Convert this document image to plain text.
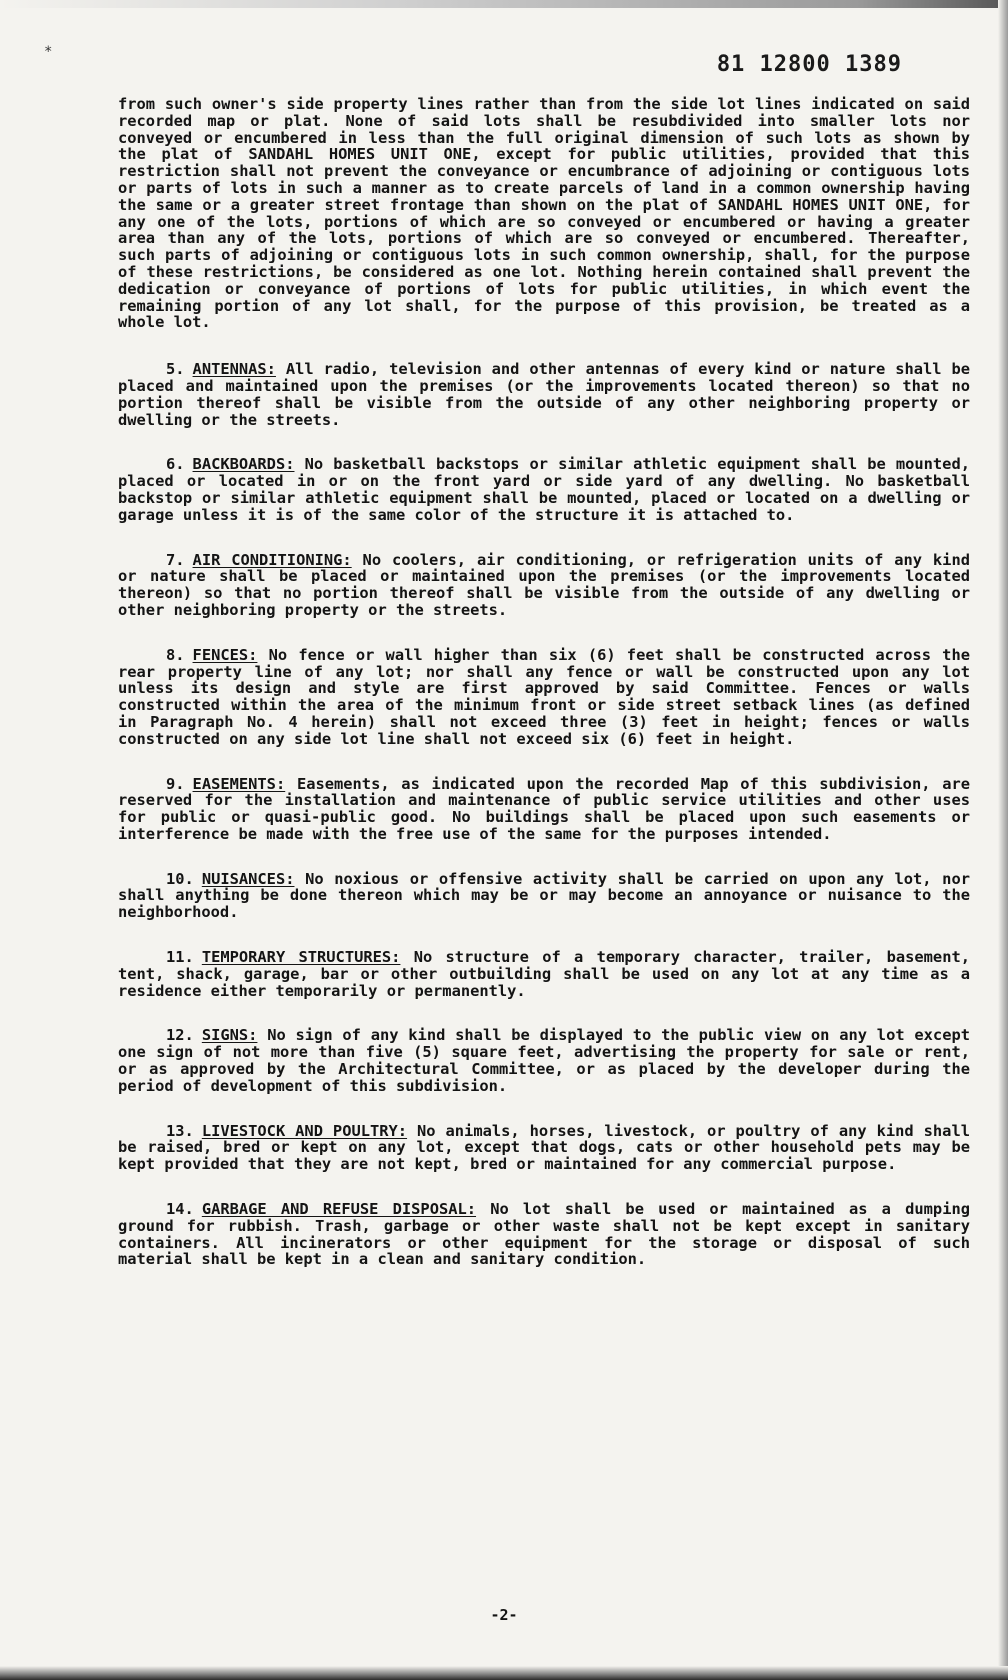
*	81 12800 1389

from such owner's side property lines rather than from the side lot lines indicated on said recorded map or plat. None of said lots shall be resubdivided into smaller lots nor conveyed or encumbered in less than the full original dimension of such lots as shown by the plat of SANDAHL HOMES UNIT ONE, except for public utilities, provided that this restriction shall not prevent the conveyance or encumbrance of adjoining or contiguous lots or parts of lots in such a manner as to create parcels of land in a common ownership having the same or a greater street frontage than shown on the plat of SANDAHL HOMES UNIT ONE, for any one of the lots, portions of which are so conveyed or encumbered or having a greater area than any of the lots, portions of which are so conveyed or encumbered. Thereafter, such parts of adjoining or contiguous lots in such common ownership, shall, for the purpose of these restrictions, be considered as one lot. Nothing herein contained shall prevent the dedication or conveyance of portions of lots for public utilities, in which event the remaining portion of any lot shall, for the purpose of this provision, be treated as a whole lot.

5. ANTENNAS: All radio, television and other antennas of every kind or nature shall be placed and maintained upon the premises (or the improvements located thereon) so that no portion thereof shall be visible from the outside of any other neighboring property or dwelling or the streets.

6. BACKBOARDS: No basketball backstops or similar athletic equipment shall be mounted, placed or located in or on the front yard or side yard of any dwelling. No basketball backstop or similar athletic equipment shall be mounted, placed or located on a dwelling or garage unless it is of the same color of the structure it is attached to.

7. AIR CONDITIONING: No coolers, air conditioning, or refrigeration units of any kind or nature shall be placed or maintained upon the premises (or the improvements located thereon) so that no portion thereof shall be visible from the outside of any dwelling or other neighboring property or the streets.

8. FENCES: No fence or wall higher than six (6) feet shall be constructed across the rear property line of any lot; nor shall any fence or wall be constructed upon any lot unless its design and style are first approved by said Committee. Fences or walls constructed within the area of the minimum front or side street setback lines (as defined in Paragraph No. 4 herein) shall not exceed three (3) feet in height; fences or walls constructed on any side lot line shall not exceed six (6) feet in height.

9. EASEMENTS: Easements, as indicated upon the recorded Map of this subdivision, are reserved for the installation and maintenance of public service utilities and other uses for public or quasi-public good. No buildings shall be placed upon such easements or interference be made with the free use of the same for the purposes intended.

10. NUISANCES: No noxious or offensive activity shall be carried on upon any lot, nor shall anything be done thereon which may be or may become an annoyance or nuisance to the neighborhood.

11. TEMPORARY STRUCTURES: No structure of a temporary character, trailer, basement, tent, shack, garage, bar or other outbuilding shall be used on any lot at any time as a residence either temporarily or permanently.

12. SIGNS: No sign of any kind shall be displayed to the public view on any lot except one sign of not more than five (5) square feet, advertising the property for sale or rent, or as approved by the Architectural Committee, or as placed by the developer during the period of development of this subdivision.

13. LIVESTOCK AND POULTRY: No animals, horses, livestock, or poultry of any kind shall be raised, bred or kept on any lot, except that dogs, cats or other household pets may be kept provided that they are not kept, bred or maintained for any commercial purpose.

14. GARBAGE AND REFUSE DISPOSAL: No lot shall be used or maintained as a dumping ground for rubbish. Trash, garbage or other waste shall not be kept except in sanitary containers. All incinerators or other equipment for the storage or disposal of such material shall be kept in a clean and sanitary condition.

-2-
